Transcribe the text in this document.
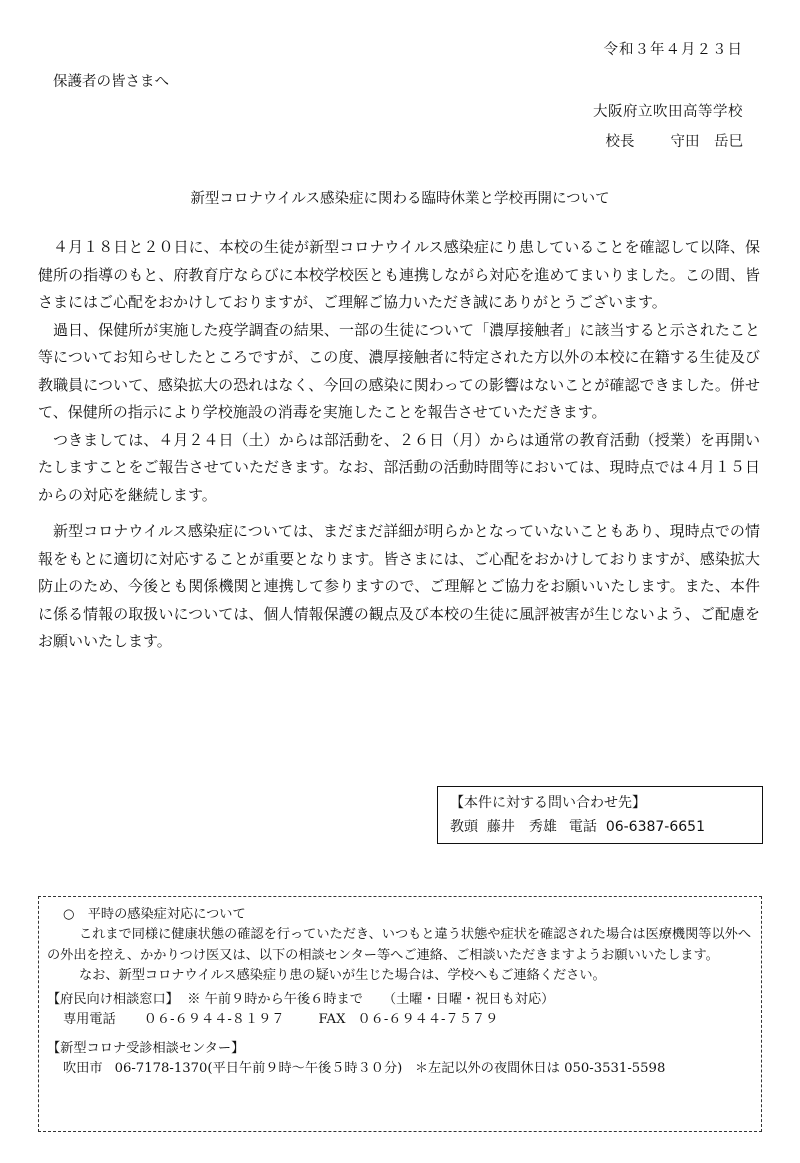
令和３年４月２３日
保護者の皆さまへ
大阪府立吹田高等学校
校長 守田　岳巳
新型コロナウイルス感染症に関わる臨時休業と学校再開について

４月１８日と２０日に、本校の生徒が新型コロナウイルス感染症にり患していることを確認して以降、保健所の指導のもと、府教育庁ならびに本校学校医とも連携しながら対応を進めてまいりました。この間、皆さまにはご心配をおかけしておりますが、ご理解ご協力いただき誠にありがとうございます。

過日、保健所が実施した疫学調査の結果、一部の生徒について「濃厚接触者」に該当すると示されたこと等についてお知らせしたところですが、この度、濃厚接触者に特定された方以外の本校に在籍する生徒及び教職員について、感染拡大の恐れはなく、今回の感染に関わっての影響はないことが確認できました。併せて、保健所の指示により学校施設の消毒を実施したことを報告させていただきます。

つきましては、４月２４日（土）からは部活動を、２６日（月）からは通常の教育活動（授業）を再開いたしますことをご報告させていただきます。なお、部活動の活動時間等においては、現時点では４月１５日からの対応を継続します。

新型コロナウイルス感染症については、まだまだ詳細が明らかとなっていないこともあり、現時点での情報をもとに適切に対応することが重要となります。皆さまには、ご心配をおかけしておりますが、感染拡大防止のため、今後とも関係機関と連携して参りますので、ご理解とご協力をお願いいたします。また、本件に係る情報の取扱いについては、個人情報保護の観点及び本校の生徒に風評被害が生じないよう、ご配慮をお願いいたします。

【本件に対する問い合わせ先】
教頭 藤井　秀雄 電話 06-6387-6651
○　平時の感染症対応について
これまで同様に健康状態の確認を行っていただき、いつもと違う状態や症状を確認された場合は医療機関等以外への外出を控え、かかりつけ医又は、以下の相談センター等へご連絡、ご相談いただきますようお願いいたします。
なお、新型コロナウイルス感染症り患の疑いが生じた場合は、学校へもご連絡ください。
【府民向け相談窓口】 ※ 午前９時から午後６時まで （土曜・日曜・祝日も対応）
専用電話 ０６-６９４４-８１９７	FAX ０６-６９４４-７５７９
【新型コロナ受診相談センター】
吹田市 06-7178-1370(平日午前９時～午後５時３０分) ＊左記以外の夜間休日は 050-3531-5598
